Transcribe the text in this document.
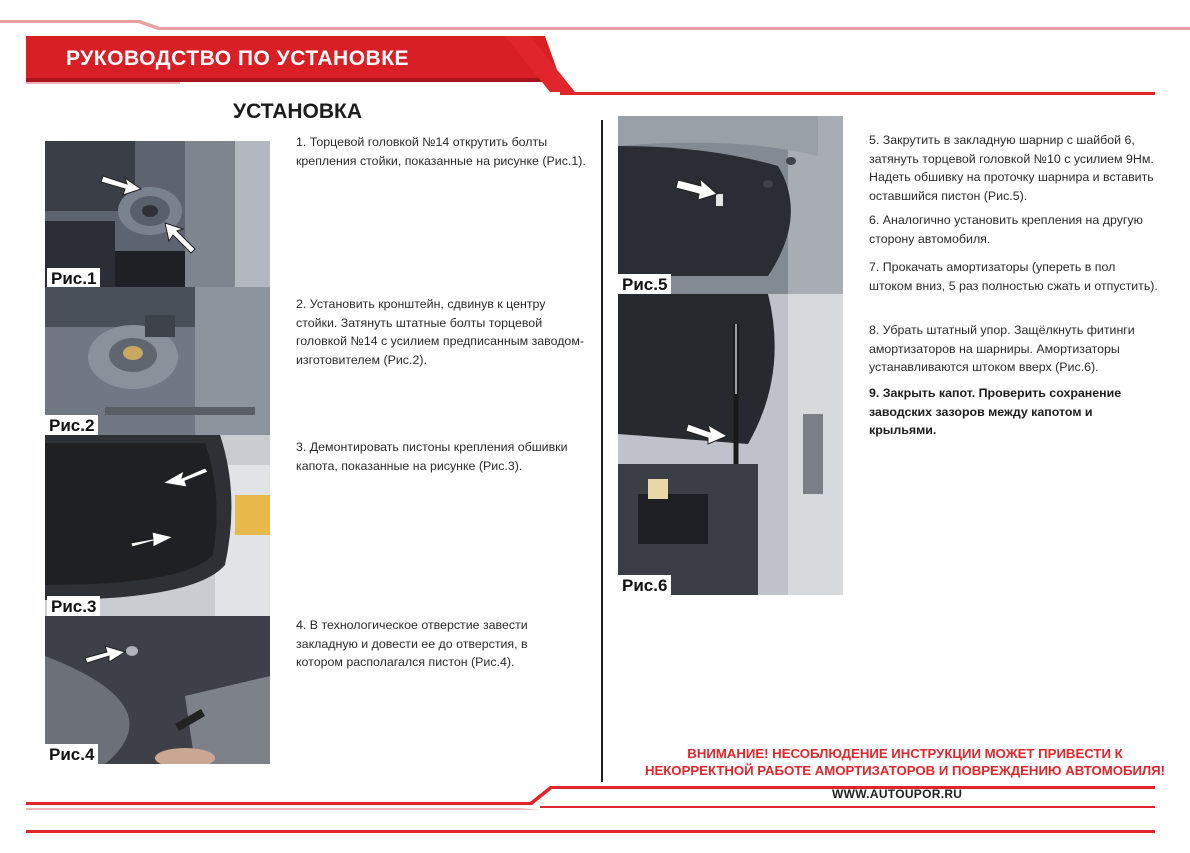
РУКОВОДСТВО ПО УСТАНОВКЕ
УСТАНОВКА
Рис.1
Рис.2
Рис.3
Рис.4
Рис.5
Рис.6
1. Торцевой головкой №14 открутить болты крепления стойки, показанные на рисунке (Рис.1).
2. Установить кронштейн, сдвинув к центру стойки. Затянуть штатные болты торцевой головкой №14 с усилием предписанным заводом-изготовителем (Рис.2).
3. Демонтировать пистоны крепления обшивки капота, показанные на рисунке (Рис.3).
4. В технологическое отверстие завести закладную и довести ее до отверстия, в котором располагался пистон (Рис.4).
5. Закрутить в закладную шарнир с шайбой 6, затянуть торцевой головкой №10 с усилием 9Нм. Надеть обшивку на проточку шарнира и вставить оставшийся пистон (Рис.5).
6. Аналогично установить крепления на другую сторону автомобиля.
7. Прокачать амортизаторы (упереть в пол штоком вниз, 5 раз полностью сжать и отпустить).
8. Убрать штатный упор. Защёлкнуть фитинги амортизаторов на шарниры. Амортизаторы устанавливаются штоком вверх (Рис.6).
9. Закрыть капот. Проверить сохранение заводских зазоров между капотом и крыльями.
ВНИМАНИЕ! НЕСОБЛЮДЕНИЕ ИНСТРУКЦИИ МОЖЕТ ПРИВЕСТИ К
НЕКОРРЕКТНОЙ РАБОТЕ АМОРТИЗАТОРОВ И ПОВРЕЖДЕНИЮ АВТОМОБИЛЯ!
WWW.AUTOUPOR.RU
